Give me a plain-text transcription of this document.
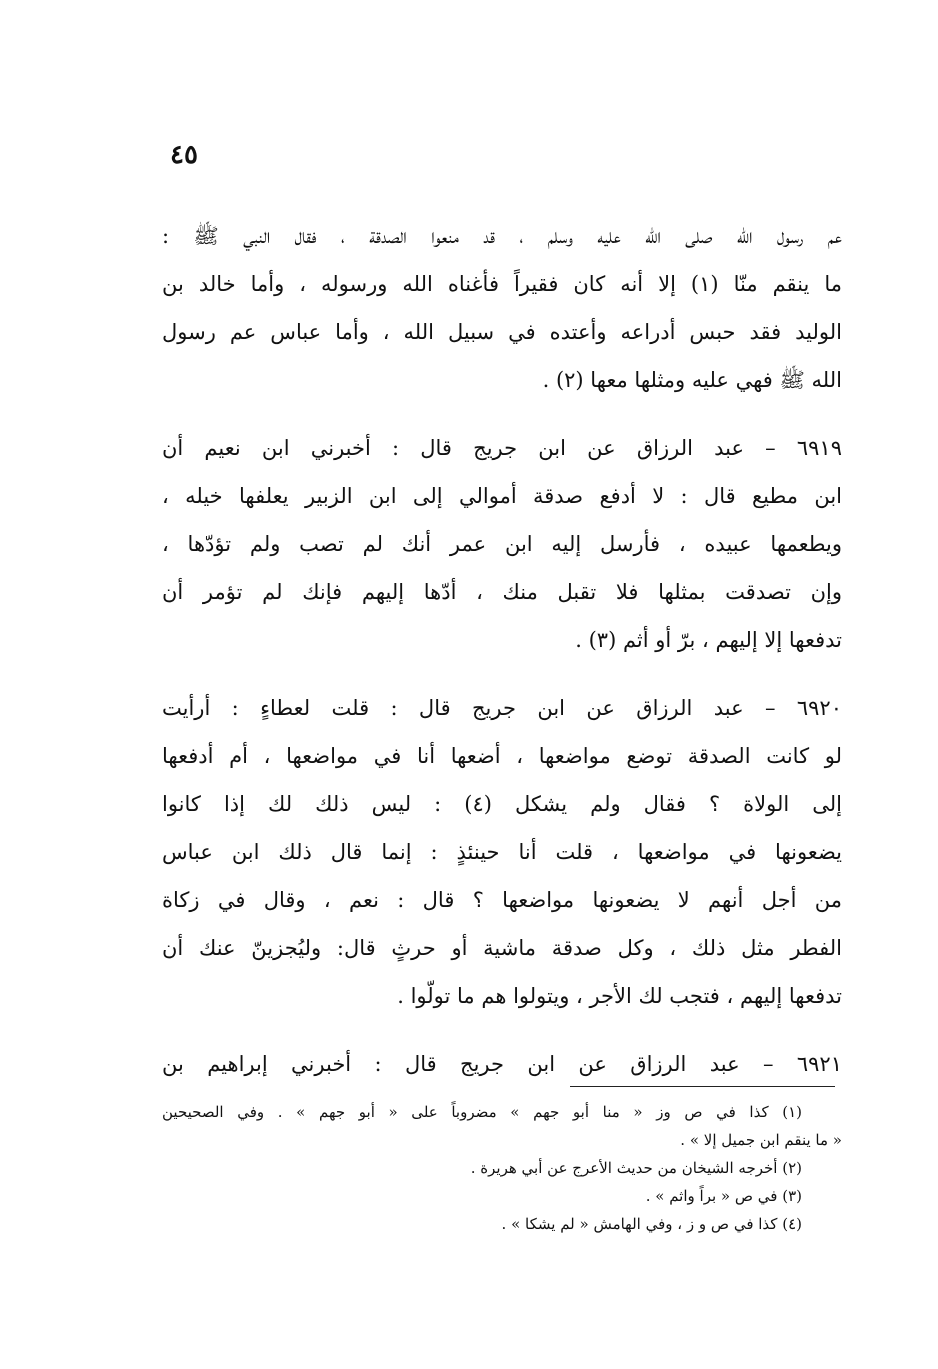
٤٥
عم رسول الله صلى الله عليه وسلم ، قد منعوا الصدقة ، فقال النبي ﷺ :
ما ينقم منّا (١) إلا أنه كان فقيراً فأغناه الله ورسوله ، وأما خالد بن
الوليد فقد حبس أدراعه وأعتده في سبيل الله ، وأما عباس عم رسول
الله ﷺ فهي عليه ومثلها معها (٢) .
٦٩١٩ – عبد الرزاق عن ابن جريج قال : أخبرني ابن نعيم أن
ابن مطيع قال : لا أدفع صدقة أموالي إلى ابن الزبير يعلفها خيله ،
ويطعمها عبيده ، فأرسل إليه ابن عمر أنك لم تصب ولم تؤدّها ،
وإن تصدقت بمثلها فلا تقبل منك ، أدّها إليهم فإنك لم تؤمر أن
تدفعها إلا إليهم ، برّ أو أثم (٣) .
٦٩٢٠ – عبد الرزاق عن ابن جريج قال : قلت لعطاءٍ : أرأيت
لو كانت الصدقة توضع مواضعها ، أضعها أنا في مواضعها ، أم أدفعها
إلى الولاة ؟ فقال ولم يشكل (٤) : ليس ذلك لك إذا كانوا
يضعونها في مواضعها ، قلت أنا حينئذٍ : إنما قال ذلك ابن عباس
من أجل أنهم لا يضعونها مواضعها ؟ قال : نعم ، وقال في زكاة
الفطر مثل ذلك ، وكل صدقة ماشية أو حرثٍ قال: وليُجزينّ عنك أن
تدفعها إليهم ، فتجب لك الأجر ، ويتولوا هم ما تولّوا .
٦٩٢١ – عبد الرزاق عن ابن جريج قال : أخبرني إبراهيم بن
(١) كذا في ص وز « منا أبو جهم » مضروباً على « أبو جهم » . وفي الصحيحين
« ما ينقم ابن جميل إلا » .
(٢) أخرجه الشيخان من حديث الأعرج عن أبي هريرة .
(٣) في ص « براً واثم » .
(٤) كذا في ص و ز ، وفي الهامش « لم يشكا » .
